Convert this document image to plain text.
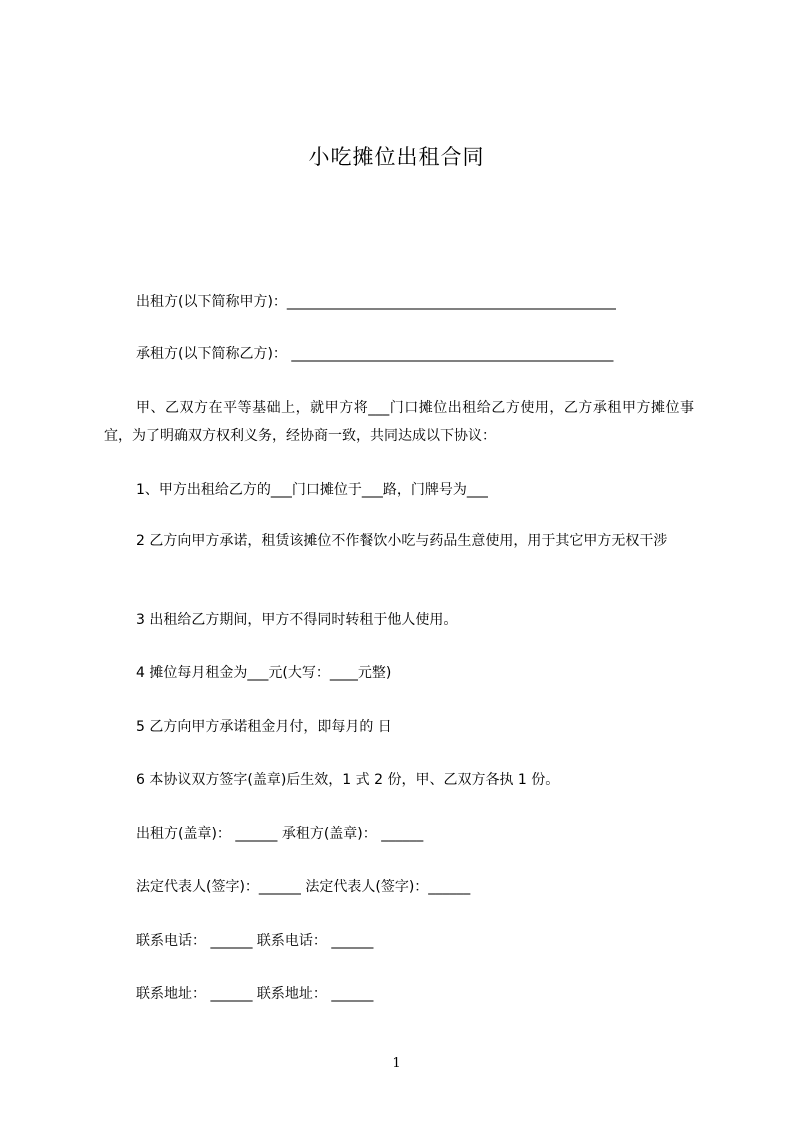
小吃摊位出租合同
出租方(以下简称甲方)：_______________________________________________
承租方(以下简称乙方)： ______________________________________________
甲、乙双方在平等基础上，就甲方将___门口摊位出租给乙方使用，乙方承租甲方摊位事宜，为了明确双方权利义务，经协商一致，共同达成以下协议：
1、甲方出租给乙方的___门口摊位于___路，门牌号为___
2 乙方向甲方承诺，租赁该摊位不作餐饮小吃与药品生意使用，用于其它甲方无权干涉
3 出租给乙方期间，甲方不得同时转租于他人使用。
4 摊位每月租金为___元(大写：____元整)
5 乙方向甲方承诺租金月付，即每月的 日
6 本协议双方签字(盖章)后生效，1 式 2 份，甲、乙双方各执 1 份。
出租方(盖章)： ______ 承租方(盖章)： ______
法定代表人(签字)：______ 法定代表人(签字)：______
联系电话： ______ 联系电话： ______
联系地址： ______ 联系地址： ______
1
